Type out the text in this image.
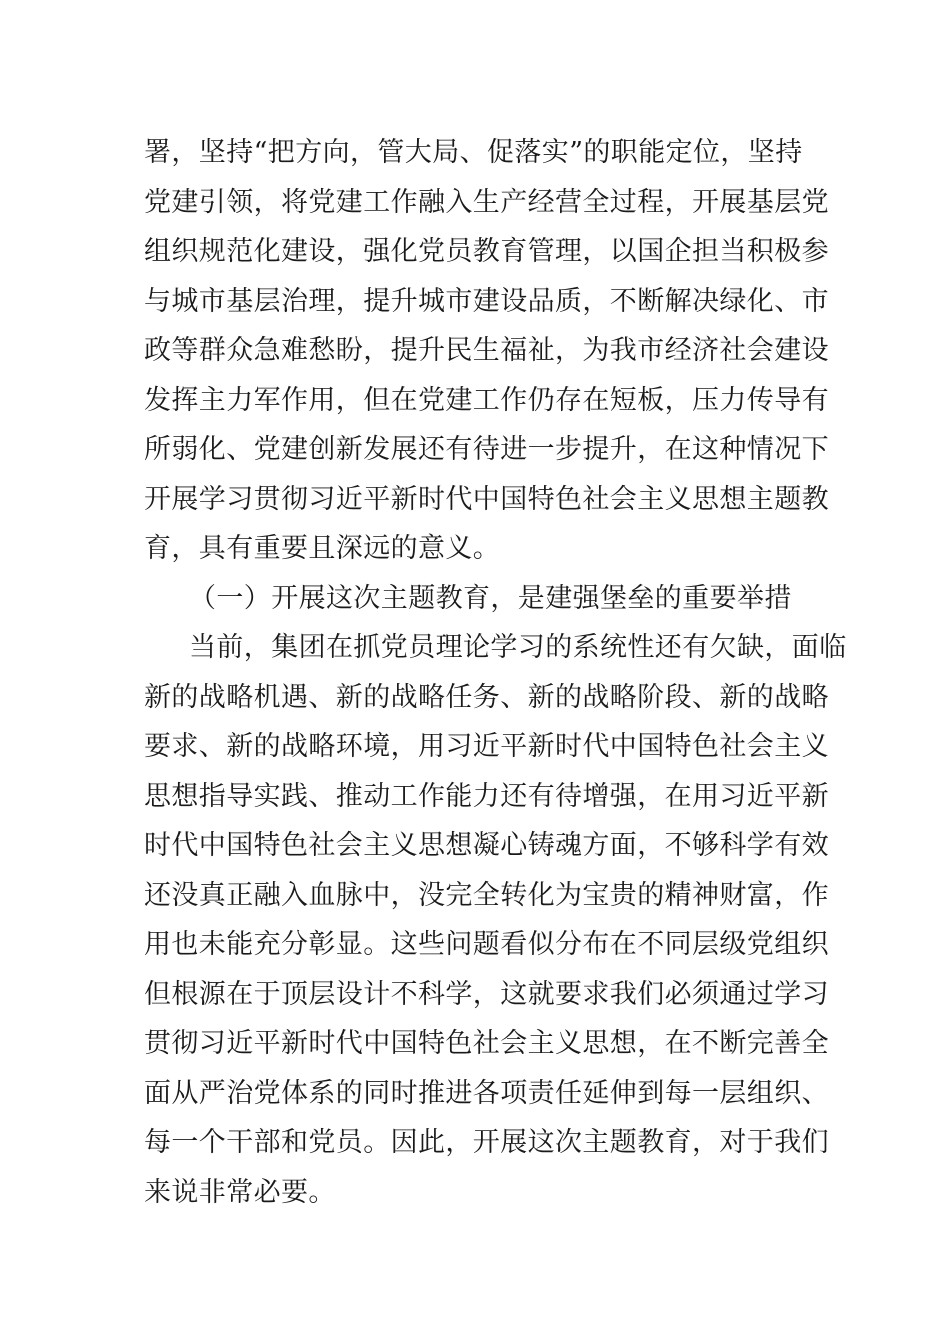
署，坚持“把方向，管大局、促落实”的职能定位，坚持
党建引领，将党建工作融入生产经营全过程，开展基层党
组织规范化建设，强化党员教育管理，以国企担当积极参
与城市基层治理，提升城市建设品质，不断解决绿化、市
政等群众急难愁盼，提升民生福祉，为我市经济社会建设
发挥主力军作用，但在党建工作仍存在短板，压力传导有
所弱化、党建创新发展还有待进一步提升，在这种情况下
开展学习贯彻习近平新时代中国特色社会主义思想主题教
育，具有重要且深远的意义。
（一）开展这次主题教育，是建强堡垒的重要举措
当前，集团在抓党员理论学习的系统性还有欠缺，面临
新的战略机遇、新的战略任务、新的战略阶段、新的战略
要求、新的战略环境，用习近平新时代中国特色社会主义
思想指导实践、推动工作能力还有待增强，在用习近平新
时代中国特色社会主义思想凝心铸魂方面，不够科学有效
还没真正融入血脉中，没完全转化为宝贵的精神财富，作
用也未能充分彰显。这些问题看似分布在不同层级党组织
但根源在于顶层设计不科学，这就要求我们必须通过学习
贯彻习近平新时代中国特色社会主义思想，在不断完善全
面从严治党体系的同时推进各项责任延伸到每一层组织、
每一个干部和党员。因此，开展这次主题教育，对于我们
来说非常必要。
